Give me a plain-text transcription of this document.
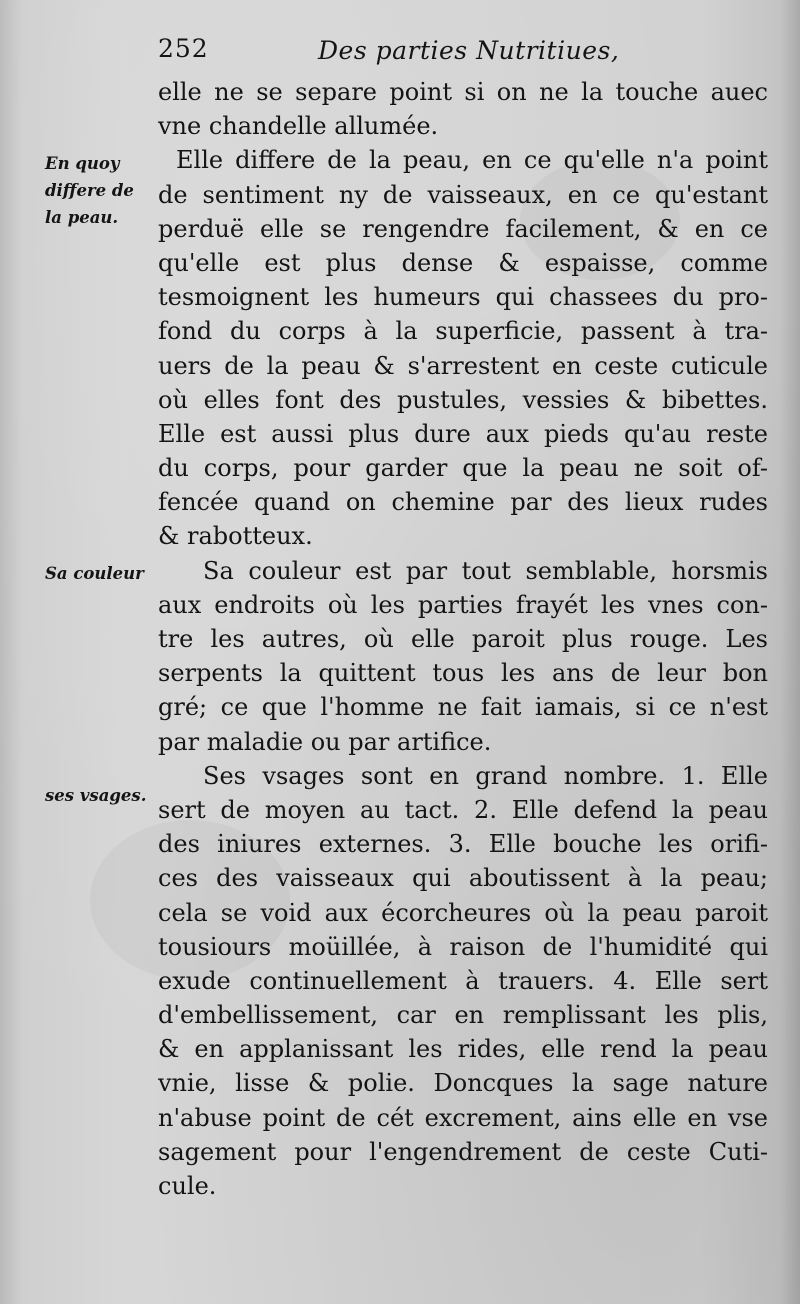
252	Des parties Nutritiues,
En quoy
differe de
la peau.
Sa couleur
ses vsages.
elle ne se separe point si on ne la touche auec
vne chandelle allumée.
Elle differe de la peau, en ce qu'elle n'a point
de sentiment ny de vaisseaux, en ce qu'estant
perduë elle se rengendre facilement, & en ce
qu'elle est plus dense & espaisse, comme
tesmoignent les humeurs qui chassees du pro-
fond du corps à la superficie, passent à tra-
uers de la peau & s'arrestent en ceste cuticule
où elles font des pustules, vessies & bibettes.
Elle est aussi plus dure aux pieds qu'au reste
du corps, pour garder que la peau ne soit of-
fencée quand on chemine par des lieux rudes
& rabotteux.
Sa couleur est par tout semblable, horsmis
aux endroits où les parties frayét les vnes con-
tre les autres, où elle paroit plus rouge. Les
serpents la quittent tous les ans de leur bon
gré; ce que l'homme ne fait iamais, si ce n'est
par maladie ou par artifice.
Ses vsages sont en grand nombre. 1. Elle
sert de moyen au tact. 2. Elle defend la peau
des iniures externes. 3. Elle bouche les orifi-
ces des vaisseaux qui aboutissent à la peau;
cela se void aux écorcheures où la peau paroit
tousiours moüillée, à raison de l'humidité qui
exude continuellement à trauers. 4. Elle sert
d'embellissement, car en remplissant les plis,
& en applanissant les rides, elle rend la peau
vnie, lisse & polie. Doncques la sage nature
n'abuse point de cét excrement, ains elle en vse
sagement pour l'engendrement de ceste Cuti-
cule.
